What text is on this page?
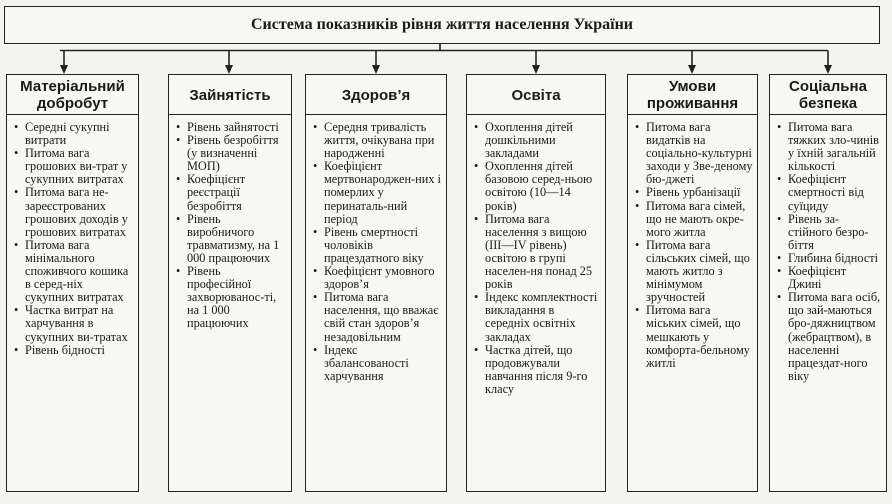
Система показників рівня життя населення України
Матеріальний добробут
• Середні сукупні витрати
• Питома вага грошових ви-трат у сукупних витратах
• Питома вага не-зареєстрованих грошових доходів у грошових витратах
• Питома вага мінімального споживчого кошика в серед-ніх сукупних витратах
• Частка витрат на харчування в сукупних ви-тратах
• Рівень бідності
Зайнятість
• Рівень зайнятості
• Рівень безробіття (у визначенні МОП)
• Коефіцієнт реєстрації безробіття
• Рівень виробничого травматизму, на 1 000 працюючих
• Рівень професійної захворюванос-ті, на 1 000 працюючих
Здоров’я
• Середня тривалість життя, очікувана при народженні
• Коефіцієнт мертвонароджен-них і померлих у перинаталь-ний період
• Рівень смертності чоловіків працездатного віку
• Коефіцієнт умовного здоров’я
• Питома вага населення, що вважає свій стан здоров’я незадовільним
• Індекс збалансованості харчування
Освіта
• Охоплення дітей дошкільними закладами
• Охоплення дітей базовою серед-ньою освітою (10—14 років)
• Питома вага населення з вищою (ІІІ—ІV рівень) освітою в групі населен-ня понад 25 років
• Індекс комплектності викладання в середніх освітніх закладах
• Частка дітей, що продовжували навчання після 9-го класу
Умови проживання
• Питома вага видатків на соціально-культурні заходи у Зве-деному бю-джеті
• Рівень урбанізації
• Питома вага сімей, що не мають окре-мого житла
• Питома вага сільських сімей, що мають житло з мінімумом зручностей
• Питома вага міських сімей, що мешкають у комфорта-бельному житлі
Соціальна безпека
• Питома вага тяжких зло-чинів у їхній загальній кількості
• Коефіцієнт смертності від суїциду
• Рівень за-стійного безро-біття
• Глибина бідності
• Коефіцієнт Джині
• Питома вага осіб, що зай-маються бро-дяжництвом (жебрацтвом), в населенні працездат-ного віку
